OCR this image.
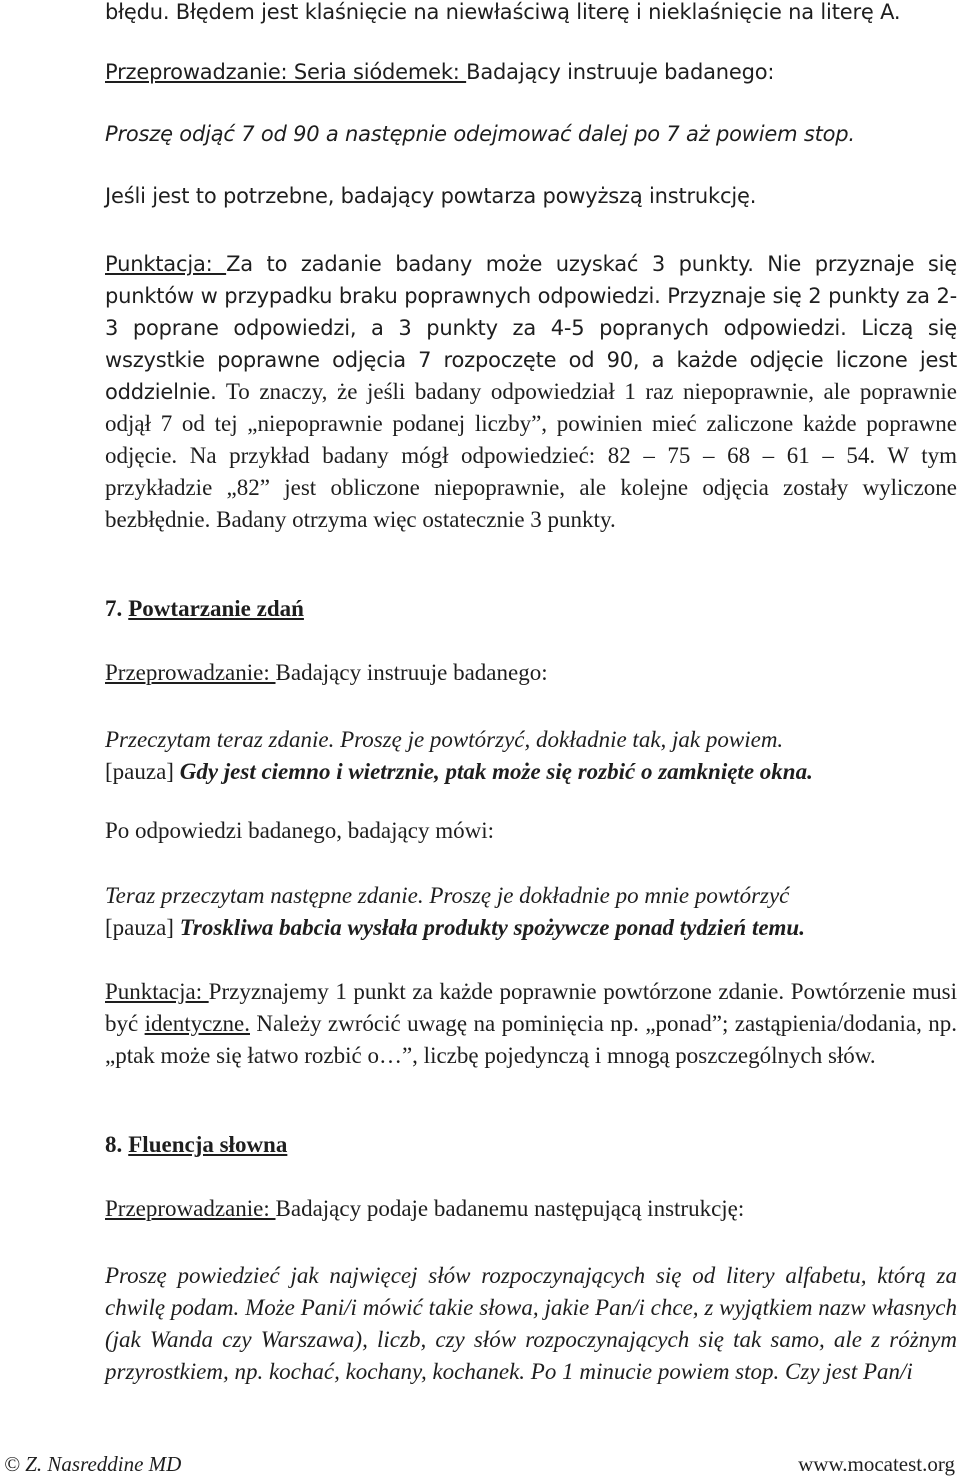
błędu. Błędem jest klaśnięcie na niewłaściwą literę i nieklaśnięcie na literę A.

Przeprowadzanie: Seria siódemek: Badający instruuje badanego:

Proszę odjąć 7 od 90 a następnie odejmować dalej po 7 aż powiem stop.

Jeśli jest to potrzebne, badający powtarza powyższą instrukcję.

Punktacja: Za to zadanie badany może uzyskać 3 punkty. Nie przyznaje się punktów w przypadku braku poprawnych odpowiedzi. Przyznaje się 2 punkty za 2-3 poprane odpowiedzi, a 3 punkty za 4-5 popranych odpowiedzi. Liczą się wszystkie poprawne odjęcia 7 rozpoczęte od 90, a każde odjęcie liczone jest oddzielnie. To znaczy, że jeśli badany odpowiedział 1 raz niepoprawnie, ale poprawnie odjął 7 od tej „niepoprawnie podanej liczby”, powinien mieć zaliczone każde poprawne odjęcie. Na przykład badany mógł odpowiedzieć: 82 – 75 – 68 – 61 – 54. W tym przykładzie „82” jest obliczone niepoprawnie, ale kolejne odjęcia zostały wyliczone bezbłędnie. Badany otrzyma więc ostatecznie 3 punkty.

7. Powtarzanie zdań

Przeprowadzanie: Badający instruuje badanego:

Przeczytam teraz zdanie. Proszę je powtórzyć, dokładnie tak, jak powiem.

[pauza] Gdy jest ciemno i wietrznie, ptak może się rozbić o zamknięte okna.

Po odpowiedzi badanego, badający mówi:

Teraz przeczytam następne zdanie. Proszę je dokładnie po mnie powtórzyć

[pauza] Troskliwa babcia wysłała produkty spożywcze ponad tydzień temu.

Punktacja: Przyznajemy 1 punkt za każde poprawnie powtórzone zdanie. Powtórzenie musi być identyczne. Należy zwrócić uwagę na pominięcia np. „ponad”; zastąpienia/dodania, np. „ptak może się łatwo rozbić o…”, liczbę pojedynczą i mnogą poszczególnych słów.

8. Fluencja słowna

Przeprowadzanie: Badający podaje badanemu następującą instrukcję:

Proszę powiedzieć jak najwięcej słów rozpoczynających się od litery alfabetu, którą za chwilę podam. Może Pani/i mówić takie słowa, jakie Pan/i chce, z wyjątkiem nazw własnych (jak Wanda czy Warszawa), liczb, czy słów rozpoczynających się tak samo, ale z różnym przyrostkiem, np. kochać, kochany, kochanek. Po 1 minucie powiem stop. Czy jest Pan/i

© Z. Nasreddine MD	www.mocatest.org
